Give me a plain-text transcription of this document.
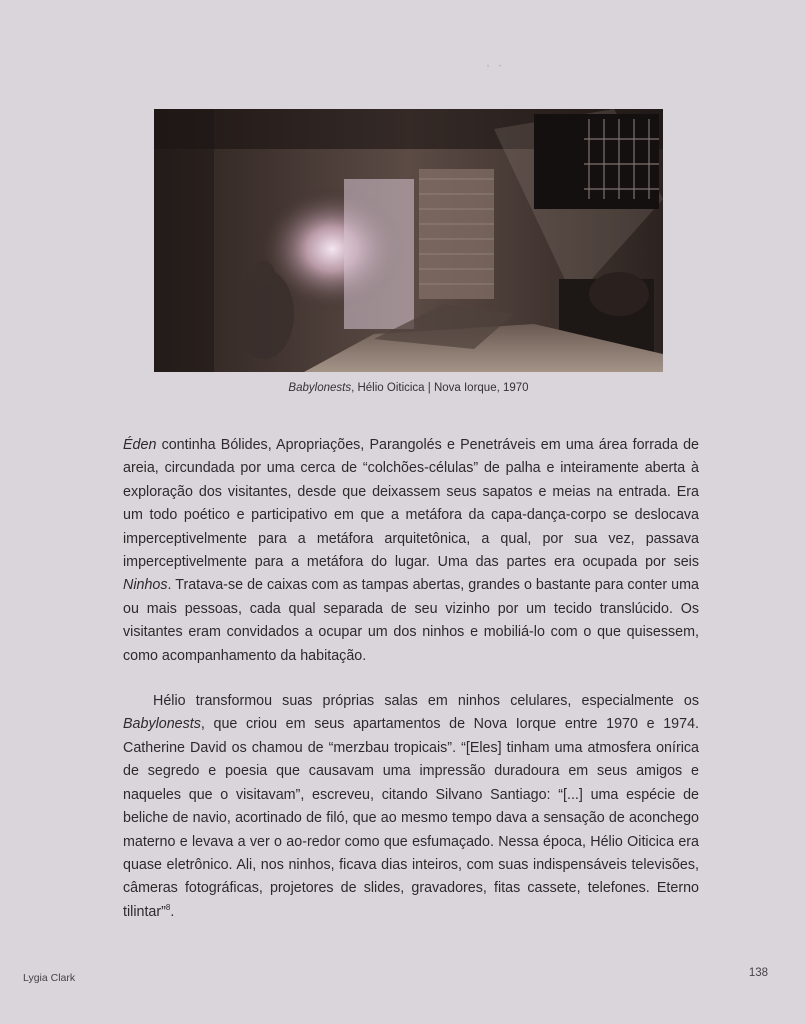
• •
Babylonests, Hélio Oiticica | Nova Iorque, 1970

Éden continha Bólides, Apropriações, Parangolés e Penetráveis em uma área forrada de areia, circundada por uma cerca de “colchões-células” de palha e inteiramente aberta à exploração dos visitantes, desde que deixassem seus sapatos e meias na entrada. Era um todo poético e participativo em que a metáfora da capa-dança-corpo se deslocava imperceptivelmente para a metáfora arquitetônica, a qual, por sua vez, passava imperceptivelmente para a metáfora do lugar. Uma das partes era ocupada por seis Ninhos. Tratava-se de caixas com as tampas abertas, grandes o bastante para conter uma ou mais pessoas, cada qual separada de seu vizinho por um tecido translúcido. Os visitantes eram convidados a ocupar um dos ninhos e mobiliá-lo com o que quisessem, como acompanhamento da habitação.

Hélio transformou suas próprias salas em ninhos celulares, especialmente os Babylonests, que criou em seus apartamentos de Nova Iorque entre 1970 e 1974. Catherine David os chamou de “merzbau tropicais”. “[Eles] tinham uma atmosfera onírica de segredo e poesia que causavam uma impressão duradoura em seus amigos e naqueles que o visitavam”, escreveu, citando Silvano Santiago: “[...] uma espécie de beliche de navio, acortinado de filó, que ao mesmo tempo dava a sensação de aconchego materno e levava a ver o ao-redor como que esfumaçado. Nessa época, Hélio Oiticica era quase eletrônico. Ali, nos ninhos, ficava dias inteiros, com suas indispensáveis televisões, câmeras fotográficas, projetores de slides, gravadores, fitas cassete, telefones. Eterno tilintar”$^8$.

Lygia Clark	138
